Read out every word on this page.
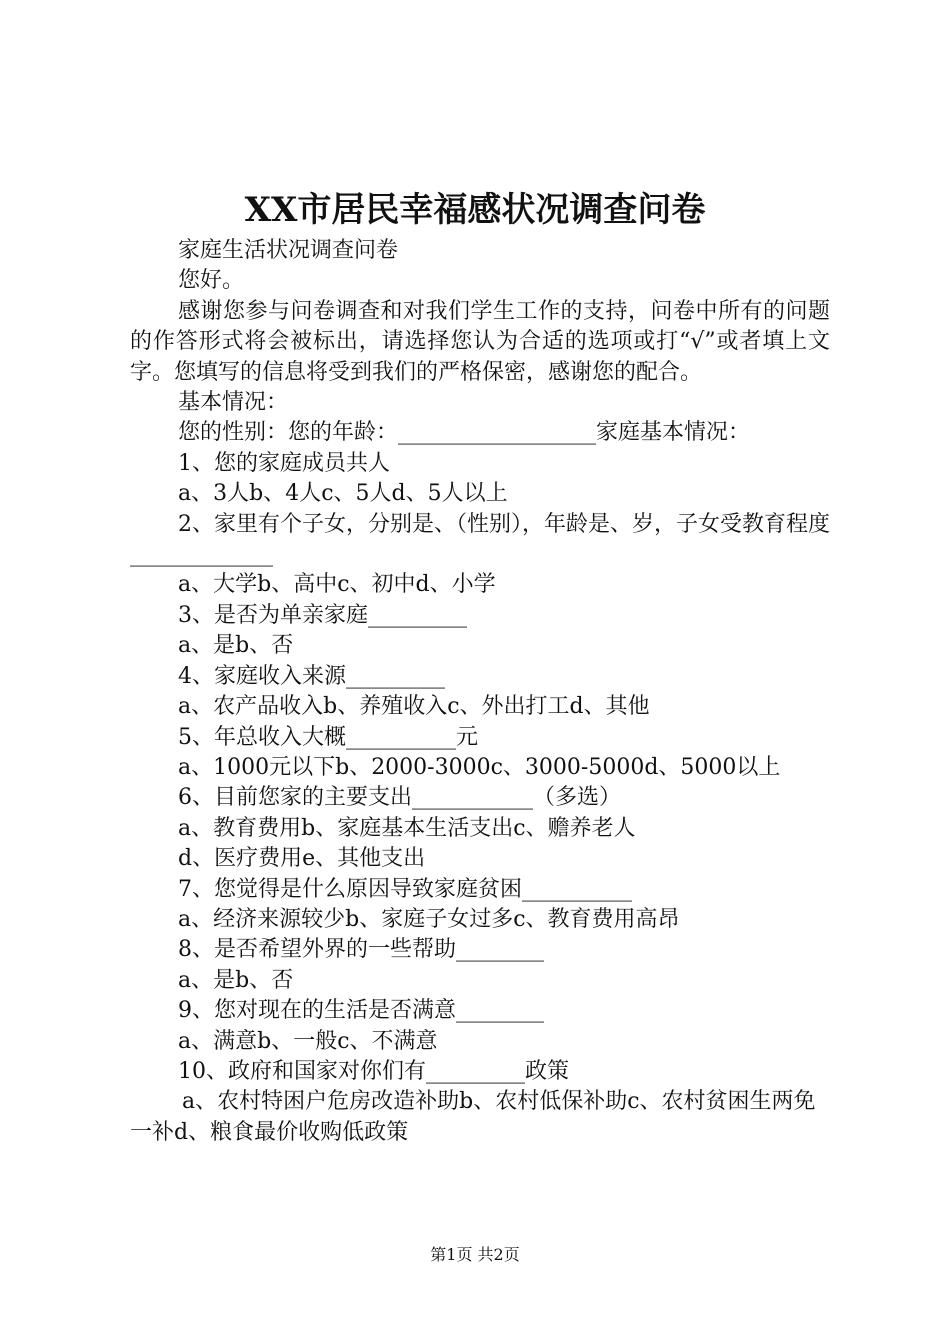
XX市居民幸福感状况调查问卷

家庭生活状况调查问卷

您好。

感谢您参与问卷调查和对我们学生工作的支持，问卷中所有的问题的作答形式将会被标出，请选择您认为合适的选项或打“√”或者填上文字。您填写的信息将受到我们的严格保密，感谢您的配合。

基本情况：

您的性别：您的年龄：__________________家庭基本情况：

1、您的家庭成员共人

a、3人b、4人c、5人d、5人以上

2、家里有个子女，分别是、（性别），年龄是、岁，子女受教育程度_____________

a、大学b、高中c、初中d、小学

3、是否为单亲家庭_________

a、是b、否

4、家庭收入来源_________

a、农产品收入b、养殖收入c、外出打工d、其他

5、年总收入大概__________元

a、1000元以下b、2000-3000c、3000-5000d、5000以上

6、目前您家的主要支出___________（多选）

a、教育费用b、家庭基本生活支出c、赡养老人

d、医疗费用e、其他支出

7、您觉得是什么原因导致家庭贫困__________

a、经济来源较少b、家庭子女过多c、教育费用高昂

8、是否希望外界的一些帮助________

a、是b、否

9、您对现在的生活是否满意________

a、满意b、一般c、不满意

10、政府和国家对你们有_________政策

a、农村特困户危房改造补助b、农村低保补助c、农村贫困生两免一补d、粮食最价收购低政策

第1页 共2页
